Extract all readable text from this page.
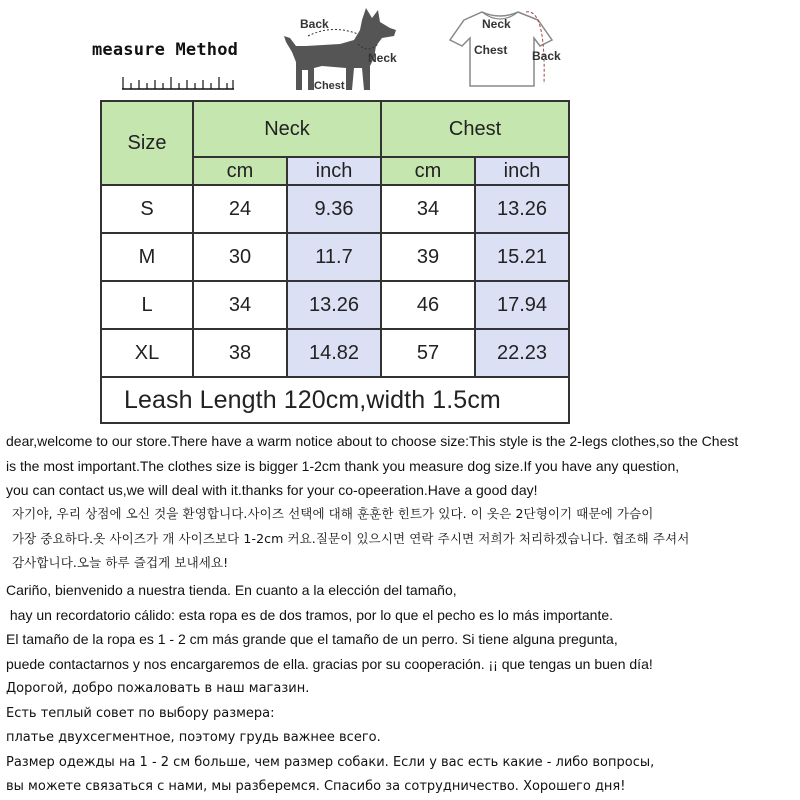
measure Method
Back
Neck
Chest
Neck
Chest Back
Size	Neck		Chest	
	cm	inch	cm	inch
S	24	9.36	34	13.26
M	30	11.7	39	15.21
L	34	13.26	46	17.94
XL	38	14.82	57	22.23
Leash Length 120cm,width 1.5cm				
dear,welcome to our store.There have a warm notice about to choose size:This style is the 2-legs clothes,so the Chest
is the most important.The clothes size is bigger 1-2cm thank you measure dog size.If you have any question,
you can contact us,we will deal with it.thanks for your co-opeeration.Have a good day!
자기야, 우리 상점에 오신 것을 환영합니다.사이즈 선택에 대해 훈훈한 힌트가 있다. 이 옷은 2단형이기 때문에 가슴이
가장 중요하다.옷 사이즈가 개 사이즈보다 1-2cm 커요.질문이 있으시면 연락 주시면 저희가 처리하겠습니다. 협조해 주셔서
감사합니다.오늘 하루 즐겁게 보내세요!
Cariño, bienvenido a nuestra tienda. En cuanto a la elección del tamaño,
hay un recordatorio cálido: esta ropa es de dos tramos, por lo que el pecho es lo más importante.
El tamaño de la ropa es 1 - 2 cm más grande que el tamaño de un perro. Si tiene alguna pregunta,
puede contactarnos y nos encargaremos de ella. gracias por su cooperación. ¡¡ que tengas un buen día!
Дорогой, добро пожаловать в наш магазин.
Есть теплый совет по выбору размера:
платье двухсегментное, поэтому грудь важнее всего.
Размер одежды на 1 - 2 см больше, чем размер собаки. Если у вас есть какие - либо вопросы,
вы можете связаться с нами, мы разберемся. Спасибо за сотрудничество. Хорошего дня!
